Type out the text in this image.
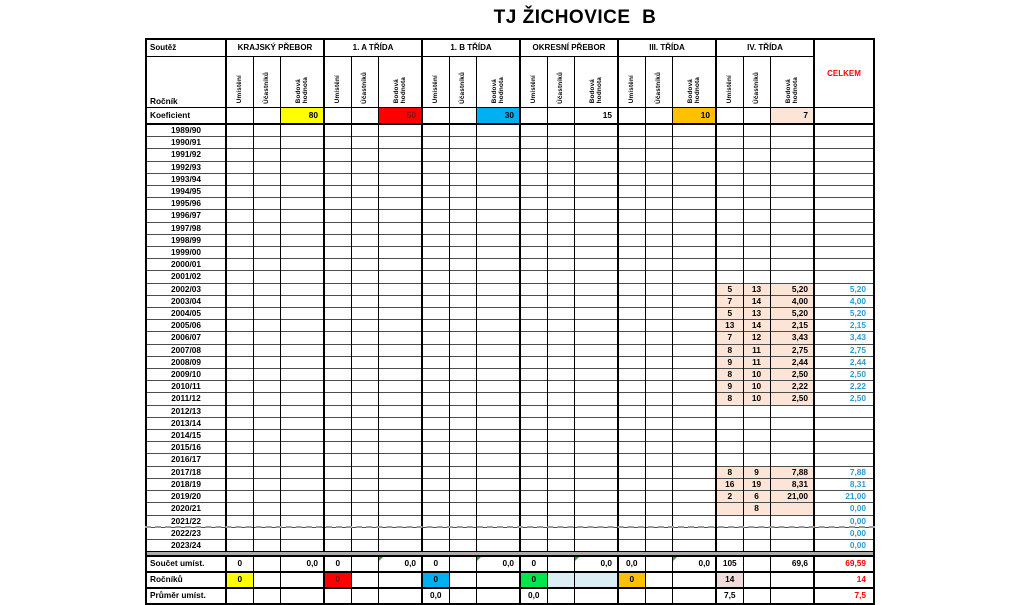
TJ ŽICHOVICE  B
Soutěž	KRAJSKÝ PŘEBOR			1. A TŘÍDA			1. B TŘÍDA			OKRESNÍ PŘEBOR			III. TŘÍDA			IV. TŘÍDA			CELKEM
Ročník	Umístění	Účastníků	Bodováhodnota	Umístění	Účastníků	Bodováhodnota	Umístění	Účastníků	Bodováhodnota	Umístění	Účastníků	Bodováhodnota	Umístění	Účastníků	Bodováhodnota	Umístění	Účastníků	Bodováhodnota	
Koeficient			80			50			30			15			10			7	
1989/90																			
1990/91																			
1991/92																			
1992/93																			
1993/94																			
1994/95																			
1995/96																			
1996/97																			
1997/98																			
1998/99																			
1999/00																			
2000/01																			
2001/02																			
2002/03																5	13	5,20	5,20
2003/04																7	14	4,00	4,00
2004/05																5	13	5,20	5,20
2005/06																13	14	2,15	2,15
2006/07																7	12	3,43	3,43
2007/08																8	11	2,75	2,75
2008/09																9	11	2,44	2,44
2009/10																8	10	2,50	2,50
2010/11																9	10	2,22	2,22
2011/12																8	10	2,50	2,50
2012/13																			
2013/14																			
2014/15																			
2015/16																			
2016/17																			
2017/18																8	9	7,88	7,88
2018/19																16	19	8,31	8,31
2019/20																2	6	21,00	21,00
2020/21																	8		0,00
2021/22																			0,00
2022/23																			0,00
2023/24																			0,00

Součet umíst.	0		0,0	0		0,0	0		0,0	0		0,0	0,0		0,0	105		69,6	69,59
Ročníků	0			0			0			0			0			14			14
Průměr umíst.							0,0			0,0						7,5			7,5
